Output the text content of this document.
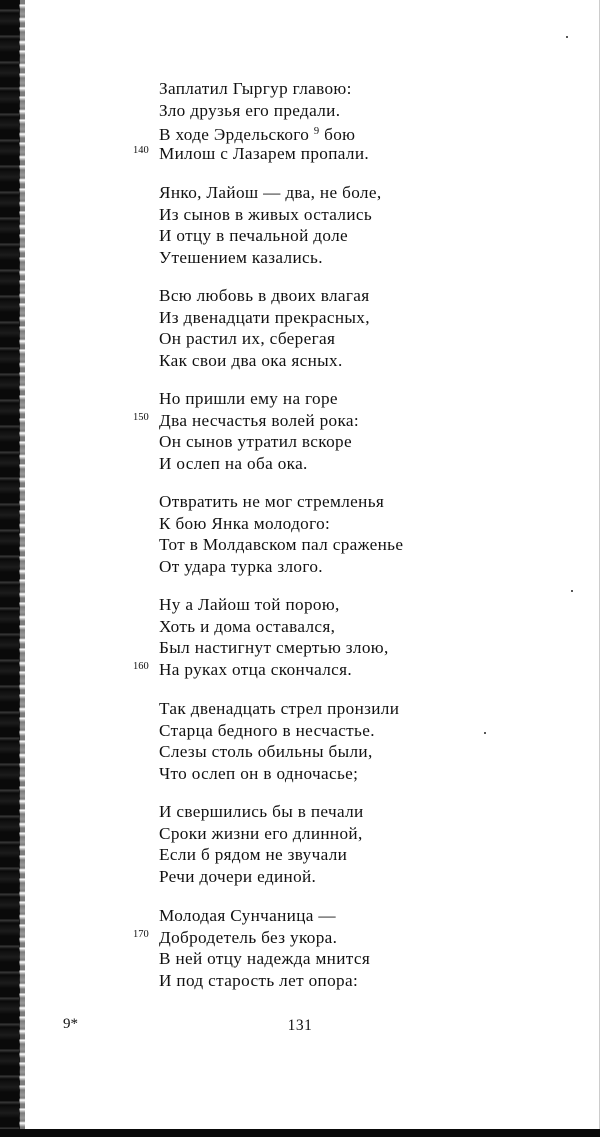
Заплатил Гыргур главою:
Зло друзья его предали.
В ходе Эрдельского $^9$ бою
Милош с Лазарем пропали.
140
Янко, Лайош — два, не боле,
Из сынов в живых остались
И отцу в печальной доле
Утешением казались.
Всю любовь в двоих влагая
Из двенадцати прекрасных,
Он растил их, сберегая
Как свои два ока ясных.
Но пришли ему на горе
Два несчастья волей рока:
150
Он сынов утратил вскоре
И ослеп на оба ока.
Отвратить не мог стремленья
К бою Янка молодого:
Тот в Молдавском пал сраженье
От удара турка злого.
Ну а Лайош той порою,
Хоть и дома оставался,
Был настигнут смертью злою,
На руках отца скончался.
160
Так двенадцать стрел пронзили
Старца бедного в несчастье.
Слезы столь обильны были,
Что ослеп он в одночасье;
И свершились бы в печали
Сроки жизни его длинной,
Если б рядом не звучали
Речи дочери единой.
Молодая Сунчаница —
Добродетель без укора.
170
В ней отцу надежда мнится
И под старость лет опора:
9*	131
